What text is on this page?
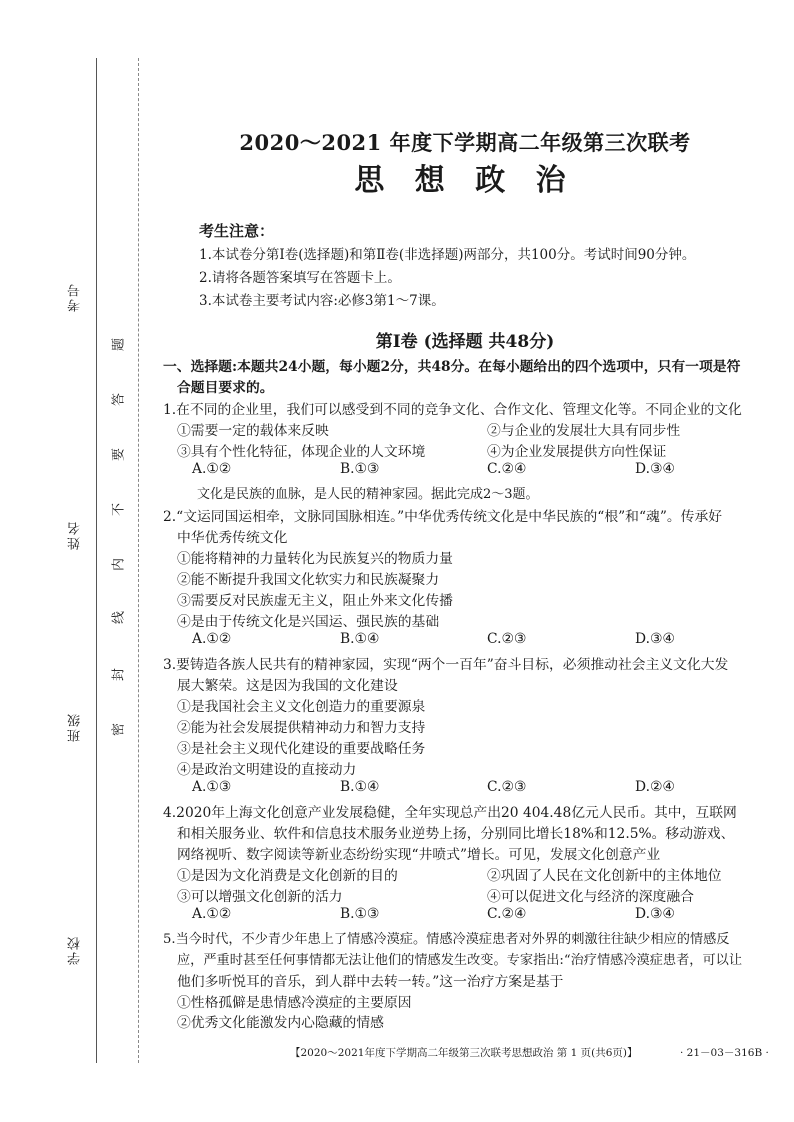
考号
姓名
班级
学校
密
封
线
内
不
要
答
题
2020～2021 年度下学期高二年级第三次联考
思 想 政 治
考生注意：
1.本试卷分第Ⅰ卷(选择题)和第Ⅱ卷(非选择题)两部分，共100分。考试时间90分钟。
2.请将各题答案填写在答题卡上。
3.本试卷主要考试内容:必修3第1～7课。
第Ⅰ卷 (选择题 共48分)
一、选择题:本题共24小题，每小题2分，共48分。在每小题给出的四个选项中，只有一项是符
合题目要求的。
1.在不同的企业里，我们可以感受到不同的竞争文化、合作文化、管理文化等。不同企业的文化
①需要一定的载体来反映	②与企业的发展壮大具有同步性
③具有个性化特征，体现企业的人文环境	④为企业发展提供方向性保证
A.①②	B.①③	C.②④	D.③④
文化是民族的血脉，是人民的精神家园。据此完成2～3题。
2.“文运同国运相牵，文脉同国脉相连。”中华优秀传统文化是中华民族的“根”和“魂”。传承好
中华优秀传统文化
①能将精神的力量转化为民族复兴的物质力量
②能不断提升我国文化软实力和民族凝聚力
③需要反对民族虚无主义，阻止外来文化传播
④是由于传统文化是兴国运、强民族的基础
A.①②	B.①④	C.②③	D.③④
3.要铸造各族人民共有的精神家园，实现“两个一百年”奋斗目标，必须推动社会主义文化大发
展大繁荣。这是因为我国的文化建设
①是我国社会主义文化创造力的重要源泉
②能为社会发展提供精神动力和智力支持
③是社会主义现代化建设的重要战略任务
④是政治文明建设的直接动力
A.①③	B.①④	C.②③	D.②④
4.2020年上海文化创意产业发展稳健，全年实现总产出20 404.48亿元人民币。其中，互联网
和相关服务业、软件和信息技术服务业逆势上扬，分别同比增长18%和12.5%。移动游戏、
网络视听、数字阅读等新业态纷纷实现“井喷式”增长。可见，发展文化创意产业
①是因为文化消费是文化创新的目的	②巩固了人民在文化创新中的主体地位
③可以增强文化创新的活力	④可以促进文化与经济的深度融合
A.①②	B.①③	C.②④	D.③④
5.当今时代，不少青少年患上了情感冷漠症。情感冷漠症患者对外界的刺激往往缺少相应的情感反
应，严重时甚至任何事情都无法让他们的情感发生改变。专家指出:“治疗情感冷漠症患者，可以让
他们多听悦耳的音乐，到人群中去转一转。”这一治疗方案是基于
①性格孤僻是患情感冷漠症的主要原因
②优秀文化能激发内心隐藏的情感
【2020～2021年度下学期高二年级第三次联考思想政治 第 1 页(共6页)】	· 21－03－316B ·
